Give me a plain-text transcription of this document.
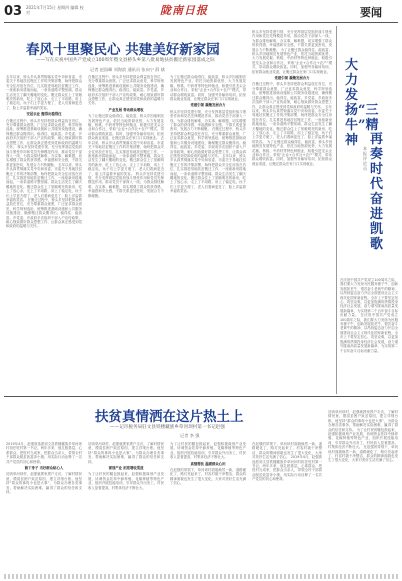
03 2021年7月15日 星期四 编辑 校对	陇南日报	要闻
春风十里聚民心 共建美好新家园
——写在庆祝中国共产党成立100周年暨文县桥头乡第八批易地扶贫搬迁新家园落成之际
记者 赵国峰 刘海滨 通讯员 张向宁 薛 斌
去年以来，桥头乡认真贯彻落实党中央和省委、市委关于易地扶贫搬迁工作的决策部署，始终把群众安全住房放在首位，扎实推进易地扶贫搬迁工作，一座座新房拔地而起，一条条道路平整宽阔，群众生活发生了翻天覆地的变化。搬迁群众住上了宽敞明亮的新房，吃上了放心水，走上了平坦路，用上了稳定电，孩子们上学更方便了，老人们看病更近了，脸上洋溢着幸福的笑容。
安居乐业 搬得出稳得住
在搬迁过程中，桥头乡坚持把群众利益放在首位，充分尊重群众意愿，广泛征求群众意见，科学规划选址，统筹推进基础设施和公共服务设施建设，确保搬迁群众搬得出、稳得住、能致富。乡党委、乡政府多次组织干部入户宣传政策，耐心细致做好群众思想工作，让群众真正感受到党和政府的温暖与关怀。 桥头乡坚持党建引领，充分发挥基层党组织战斗堡垒作用和党员先锋模范作用，推动党员干部深入一线，为群众排忧解难，办实事、解难题，切实增强了群众的获得感、幸福感和安全感，干群关系更加密切，发展合力不断凝聚。 去年以来，桥头乡认真贯彻落实党中央和省委、市委关于易地扶贫搬迁工作的决策部署，始终把群众安全住房放在首位，扎实推进易地扶贫搬迁工作，一座座新房拔地而起，一条条道路平整宽阔，群众生活发生了翻天覆地的变化。搬迁群众住上了宽敞明亮的新房，吃上了放心水，走上了平坦路，用上了稳定电，孩子们上学更方便了，老人们看病更近了，脸上洋溢着幸福的笑容。 在搬迁过程中，桥头乡坚持把群众利益放在首位，充分尊重群众意愿，广泛征求群众意见，科学规划选址，统筹推进基础设施和公共服务设施建设，确保搬迁群众搬得出、稳得住、能致富。乡党委、乡政府多次组织干部入户宣传政策，耐心细致做好群众思想工作，让群众真正感受到党和政府的温暖与关怀。
在搬迁过程中，桥头乡坚持把群众利益放在首位，充分尊重群众意愿，广泛征求群众意见，科学规划选址，统筹推进基础设施和公共服务设施建设，确保搬迁群众搬得出、稳得住、能致富。乡党委、乡政府多次组织干部入户宣传政策，耐心细致做好群众思想工作，让群众真正感受到党和政府的温暖与关怀。
产业发展 带动群众增收
为了让搬迁群众稳得住、能致富，桥头乡因地制宜发展特色产业，依托当地资源优势，大力发展花椒、核桃、中药材等特色种植业，积极引进龙头企业和合作社，采取“企业+合作社+农户”模式，带动群众增收致富。同时，加强劳务输转培训，拓宽群众就业渠道，让搬迁群众在家门口实现就业。 去年以来，桥头乡认真贯彻落实党中央和省委、市委关于易地扶贫搬迁工作的决策部署，始终把群众安全住房放在首位，扎实推进易地扶贫搬迁工作，一座座新房拔地而起，一条条道路平整宽阔，群众生活发生了翻天覆地的变化。搬迁群众住上了宽敞明亮的新房，吃上了放心水，走上了平坦路，用上了稳定电，孩子们上学更方便了，老人们看病更近了，脸上洋溢着幸福的笑容。 桥头乡坚持党建引领，充分发挥基层党组织战斗堡垒作用和党员先锋模范作用，推动党员干部深入一线，为群众排忧解难，办实事、解难题，切实增强了群众的获得感、幸福感和安全感，干群关系更加密切，发展合力不断凝聚。
为了让搬迁群众稳得住、能致富，桥头乡因地制宜发展特色产业，依托当地资源优势，大力发展花椒、核桃、中药材等特色种植业，积极引进龙头企业和合作社，采取“企业+合作社+农户”模式，带动群众增收致富。同时，加强劳务输转培训，拓宽群众就业渠道，让搬迁群众在家门口实现就业。
党建引领 凝聚发展合力
桥头乡坚持党建引领，充分发挥基层党组织战斗堡垒作用和党员先锋模范作用，推动党员干部深入一线，为群众排忧解难，办实事、解难题，切实增强了群众的获得感、幸福感和安全感，干群关系更加密切，发展合力不断凝聚。 在搬迁过程中，桥头乡坚持把群众利益放在首位，充分尊重群众意愿，广泛征求群众意见，科学规划选址，统筹推进基础设施和公共服务设施建设，确保搬迁群众搬得出、稳得住、能致富。乡党委、乡政府多次组织干部入户宣传政策，耐心细致做好群众思想工作，让群众真正感受到党和政府的温暖与关怀。 去年以来，桥头乡认真贯彻落实党中央和省委、市委关于易地扶贫搬迁工作的决策部署，始终把群众安全住房放在首位，扎实推进易地扶贫搬迁工作，一座座新房拔地而起，一条条道路平整宽阔，群众生活发生了翻天覆地的变化。搬迁群众住上了宽敞明亮的新房，吃上了放心水，走上了平坦路，用上了稳定电，孩子们上学更方便了，老人们看病更近了，脸上洋溢着幸福的笑容。
桥头乡坚持党建引领，充分发挥基层党组织战斗堡垒作用和党员先锋模范作用，推动党员干部深入一线，为群众排忧解难，办实事、解难题，切实增强了群众的获得感、幸福感和安全感，干群关系更加密切，发展合力不断凝聚。 为了让搬迁群众稳得住、能致富，桥头乡因地制宜发展特色产业，依托当地资源优势，大力发展花椒、核桃、中药材等特色种植业，积极引进龙头企业和合作社，采取“企业+合作社+农户”模式，带动群众增收致富。同时，加强劳务输转培训，拓宽群众就业渠道，让搬迁群众在家门口实现就业。
党建引领 凝聚发展合力
在搬迁过程中，桥头乡坚持把群众利益放在首位，充分尊重群众意愿，广泛征求群众意见，科学规划选址，统筹推进基础设施和公共服务设施建设，确保搬迁群众搬得出、稳得住、能致富。乡党委、乡政府多次组织干部入户宣传政策，耐心细致做好群众思想工作，让群众真正感受到党和政府的温暖与关怀。 去年以来，桥头乡认真贯彻落实党中央和省委、市委关于易地扶贫搬迁工作的决策部署，始终把群众安全住房放在首位，扎实推进易地扶贫搬迁工作，一座座新房拔地而起，一条条道路平整宽阔，群众生活发生了翻天覆地的变化。搬迁群众住上了宽敞明亮的新房，吃上了放心水，走上了平坦路，用上了稳定电，孩子们上学更方便了，老人们看病更近了，脸上洋溢着幸福的笑容。 为了让搬迁群众稳得住、能致富，桥头乡因地制宜发展特色产业，依托当地资源优势，大力发展花椒、核桃、中药材等特色种植业，积极引进龙头企业和合作社，采取“企业+合作社+农户”模式，带动群众增收致富。同时，加强劳务输转培训，拓宽群众就业渠道，让搬迁群众在家门口实现就业。
大力发扬“三牛”精神
本报评论员
再奏时代奋进凯歌
在庆祝中国共产党成立100周年之际，我们要大力发扬为民服务孺子牛、创新发展拓荒牛、艰苦奋斗老黄牛的精神，以昂扬姿态奋力开启全面建设社会主义现代化国家新征程。全市上下要坚定信心、攻坚克难，以更加饱满的热情投身经济社会发展，奋力谱写陇南高质量发展新篇章，为实现第二个百年奋斗目标贡献力量。 在庆祝中国共产党成立100周年之际，我们要大力发扬为民服务孺子牛、创新发展拓荒牛、艰苦奋斗老黄牛的精神，以昂扬姿态奋力开启全面建设社会主义现代化国家新征程。全市上下要坚定信心、攻坚克难，以更加饱满的热情投身经济社会发展，奋力谱写陇南高质量发展新篇章，为实现第二个百年奋斗目标贡献力量。
扶贫真情洒在这片热土上
——记市税务局驻文县铁楼藏族乡草河坝村第一书记赵强
记者 李 强
2019年4月，赵强被选派到文县铁楼藏族乡草河坝村担任驻村第一书记。两年多来，他扎根基层，心系群众，把驻村当成家，把群众当亲人，带领全村干部群众脱贫致富奔小康，用实际行动诠释了一名共产党员的初心和使命。
俯下身子 当好群众贴心人
初到草河坝村，赵强就挨家挨户走访，了解村情民意，摸清贫困户致贫原因，建立详细台账。他坚持“群众的事再小也是大事”，为群众办理各类事务，帮助解决实际困难，赢得了群众的信任和支持。
初到草河坝村，赵强就挨家挨户走访，了解村情民意，摸清贫困户致贫原因，建立详细台账。他坚持“群众的事再小也是大事”，为群众办理各类事务，帮助解决实际困难，赢得了群众的信任和支持。
谋划产业 拓宽增收渠道
为了让村民的腰包鼓起来，赵强积极谋划产业发展，协调资金扶持中蜂养殖、花椒种植等特色产业，组织开展技能培训，引导群众外出务工，村民收入显著提高，村集体经济不断壮大。
为了让村民的腰包鼓起来，赵强积极谋划产业发展，协调资金扶持中蜂养殖、花椒种植等特色产业，组织开展技能培训，引导群众外出务工，村民收入显著提高，村集体经济不断壮大。
真情帮扶 温暖群众心田
在赵强的带领下，草河坝村面貌焕然一新，道路硬化了，路灯亮起来了，村容村貌干净整洁，群众的精神面貌也发生了很大变化，大家对美好生活充满了信心。
在赵强的带领下，草河坝村面貌焕然一新，道路硬化了，路灯亮起来了，村容村貌干净整洁，群众的精神面貌也发生了很大变化，大家对美好生活充满了信心。 2019年4月，赵强被选派到文县铁楼藏族乡草河坝村担任驻村第一书记。两年多来，他扎根基层，心系群众，把驻村当成家，把群众当亲人，带领全村干部群众脱贫致富奔小康，用实际行动诠释了一名共产党员的初心和使命。
初到草河坝村，赵强就挨家挨户走访，了解村情民意，摸清贫困户致贫原因，建立详细台账。他坚持“群众的事再小也是大事”，为群众办理各类事务，帮助解决实际困难，赢得了群众的信任和支持。 为了让村民的腰包鼓起来，赵强积极谋划产业发展，协调资金扶持中蜂养殖、花椒种植等特色产业，组织开展技能培训，引导群众外出务工，村民收入显著提高，村集体经济不断壮大。 在赵强的带领下，草河坝村面貌焕然一新，道路硬化了，路灯亮起来了，村容村貌干净整洁，群众的精神面貌也发生了很大变化，大家对美好生活充满了信心。
